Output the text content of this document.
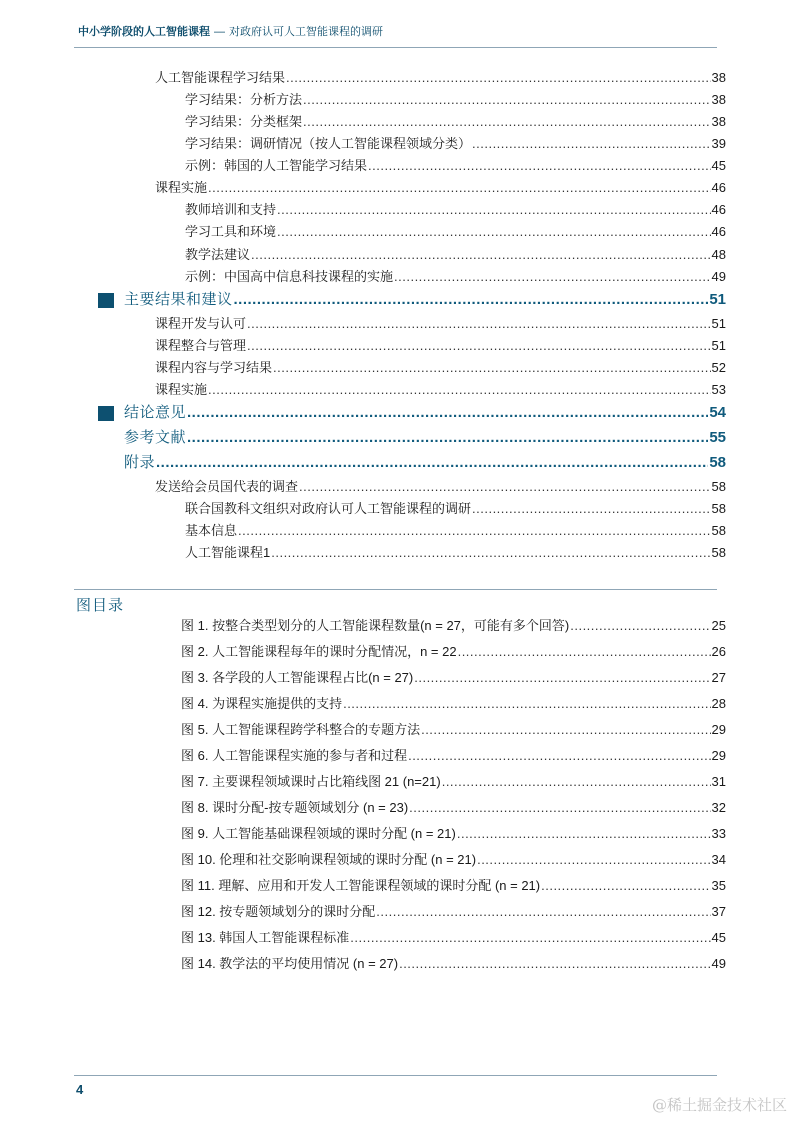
中小学阶段的人工智能课程 — 对政府认可人工智能课程的调研
人工智能课程学习结果 .....	38
学习结果：分析方法 .....	38
学习结果：分类框架 .....	38
学习结果：调研情况（按人工智能课程领域分类） .....	39
示例：韩国的人工智能学习结果 .....	45
课程实施 .....	46
教师培训和支持 .....	46
学习工具和环境 .....	46
教学法建议 .....	48
示例：中国高中信息科技课程的实施 .....	49
主要结果和建议 .....	51
课程开发与认可 .....	51
课程整合与管理 .....	51
课程内容与学习结果 .....	52
课程实施 .....	53
结论意见 .....	54
参考文献 .....	55
附录 .....	58
发送给会员国代表的调查 .....	58
联合国教科文组织对政府认可人工智能课程的调研 .....	58
基本信息 .....	58
人工智能课程1 .....	58
图目录
图 1. 按整合类型划分的人工智能课程数量(n = 27，可能有多个回答) .....	25
图 2. 人工智能课程每年的课时分配情况，n = 22 .....	26
图 3. 各学段的人工智能课程占比(n = 27) .....	27
图 4. 为课程实施提供的支持 .....	28
图 5. 人工智能课程跨学科整合的专题方法 .....	29
图 6. 人工智能课程实施的参与者和过程 .....	29
图 7. 主要课程领域课时占比箱线图 21 (n=21) .....	31
图 8. 课时分配-按专题领域划分 (n = 23) .....	32
图 9. 人工智能基础课程领域的课时分配 (n = 21) .....	33
图 10. 伦理和社交影响课程领域的课时分配 (n = 21) .....	34
图 11. 理解、应用和开发人工智能课程领域的课时分配 (n = 21) .....	35
图 12. 按专题领域划分的课时分配 .....	37
图 13. 韩国人工智能课程标准 .....	45
图 14. 教学法的平均使用情况 (n = 27) .....	49
4
@稀土掘金技术社区
